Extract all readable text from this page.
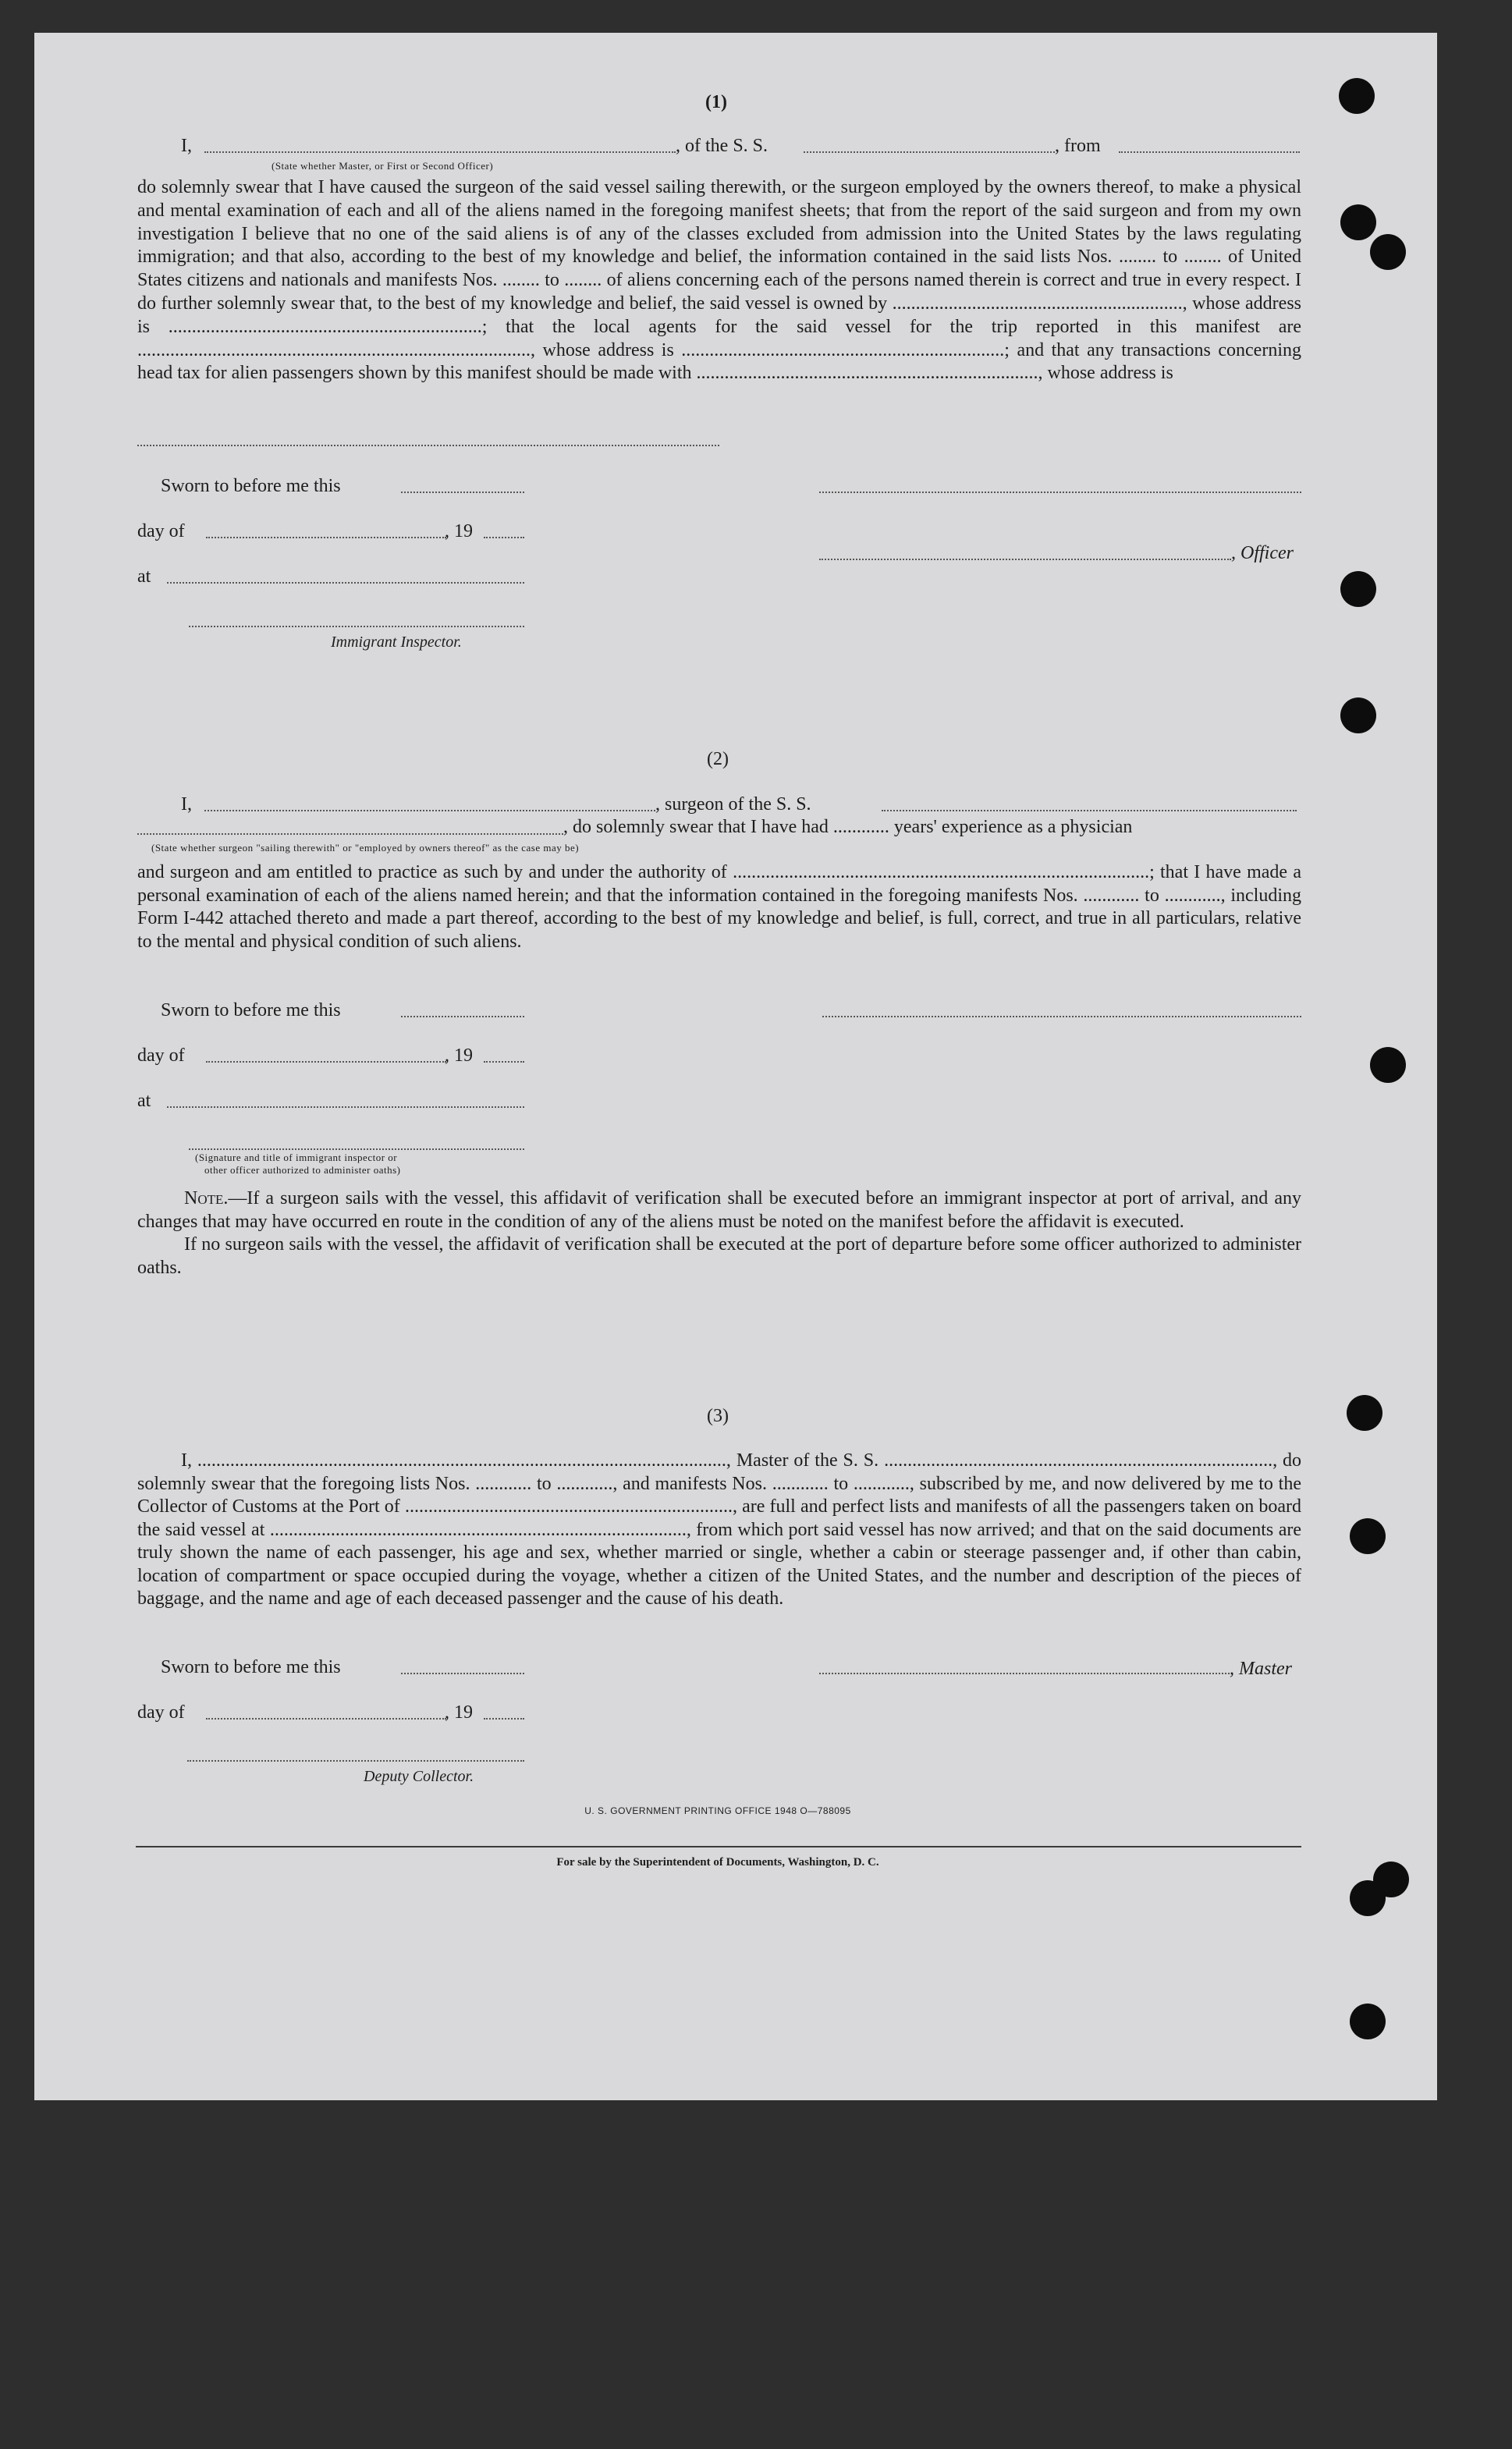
(1)
I,	, of the S. S.	, from
(State whether Master, or First or Second Officer)
do solemnly swear that I have caused the surgeon of the said vessel sailing therewith, or the surgeon employed by the owners thereof, to make a physical and mental examination of each and all of the aliens named in the foregoing manifest sheets; that from the report of the said surgeon and from my own investigation I believe that no one of the said aliens is of any of the classes excluded from admission into the United States by the laws regulating immigration; and that also, according to the best of my knowledge and belief, the information contained in the said lists Nos. ........ to ........ of United States citizens and nationals and manifests Nos. ........ to ........ of aliens concerning each of the persons named therein is correct and true in every respect. I do further solemnly swear that, to the best of my knowledge and belief, the said vessel is owned by .............................................................., whose address is ...................................................................; that the local agents for the said vessel for the trip reported in this manifest are ...................................................................................., whose address is .....................................................................; and that any transactions concerning head tax for alien passengers shown by this manifest should be made with ........................................................................., whose address is
Sworn to before me this
day of	, 19
, Officer
at
Immigrant Inspector.
(2)
I,	, surgeon of the S. S.
, do solemnly swear that I have had ............ years' experience as a physician
(State whether surgeon "sailing therewith" or "employed by owners thereof" as the case may be)
and surgeon and am entitled to practice as such by and under the authority of .........................................................................................; that I have made a personal examination of each of the aliens named herein; and that the information contained in the foregoing manifests Nos. ............ to ............, including Form I-442 attached thereto and made a part thereof, according to the best of my knowledge and belief, is full, correct, and true in all particulars, relative to the mental and physical condition of such aliens.
Sworn to before me this
day of	, 19
at
(Signature and title of immigrant inspector or
other officer authorized to administer oaths)

Note.—If a surgeon sails with the vessel, this affidavit of verification shall be executed before an immigrant inspector at port of arrival, and any changes that may have occurred en route in the condition of any of the aliens must be noted on the manifest before the affidavit is executed.

If no surgeon sails with the vessel, the affidavit of verification shall be executed at the port of departure before some officer authorized to administer oaths.

(3)
I, ................................................................................................................., Master of the S. S. ..................................................................................., do solemnly swear that the foregoing lists Nos. ............ to ............, and manifests Nos. ............ to ............, subscribed by me, and now delivered by me to the Collector of Customs at the Port of ......................................................................, are full and perfect lists and manifests of all the passengers taken on board the said vessel at ........................................................................................., from which port said vessel has now arrived; and that on the said documents are truly shown the name of each passenger, his age and sex, whether married or single, whether a cabin or steerage passenger and, if other than cabin, location of compartment or space occupied during the voyage, whether a citizen of the United States, and the number and description of the pieces of baggage, and the name and age of each deceased passenger and the cause of his death.
Sworn to before me this	, Master
day of	, 19
Deputy Collector.
U. S. GOVERNMENT PRINTING OFFICE 1948 O—788095
For sale by the Superintendent of Documents, Washington, D. C.
